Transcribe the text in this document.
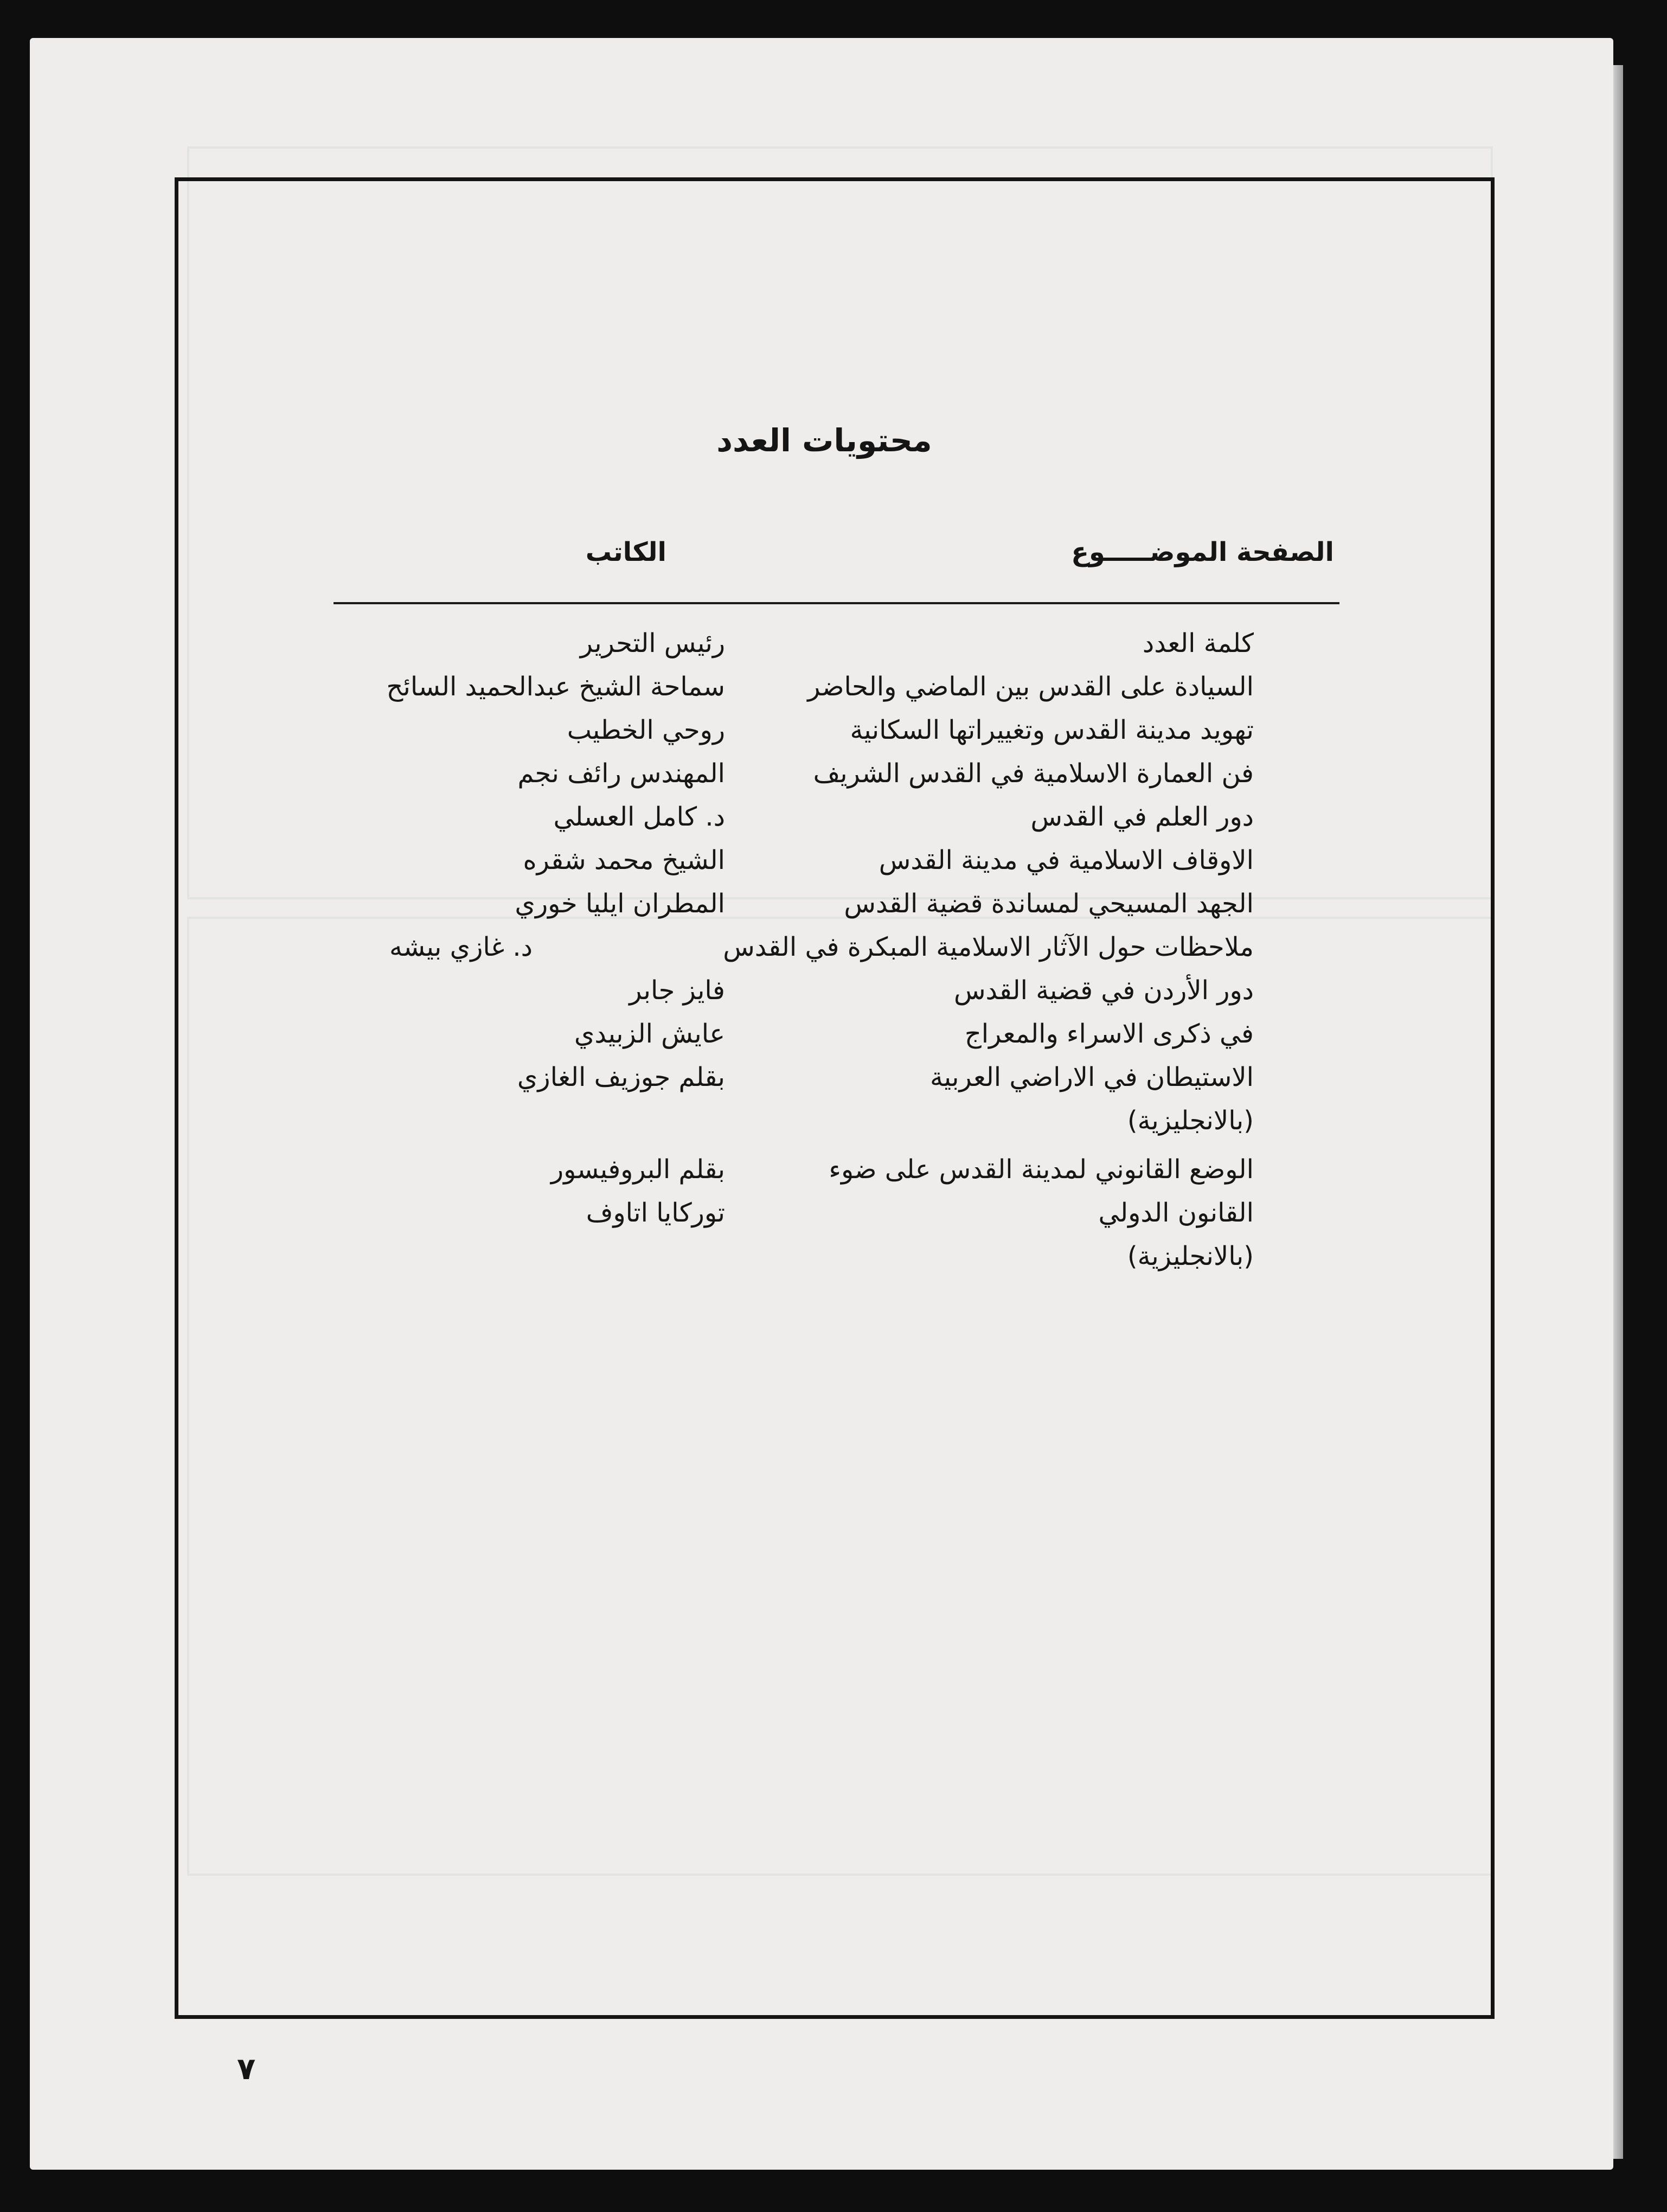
محتويات العدد
الصفحة الموضـــــوع
الكاتب
كلمة العدد
رئيس التحرير
السيادة على القدس بين الماضي والحاضر
سماحة الشيخ عبدالحميد السائح
تهويد مدينة القدس وتغييراتها السكانية
روحي الخطيب
فن العمارة الاسلامية في القدس الشريف
المهندس رائف نجم
دور العلم في القدس
د. كامل العسلي
الاوقاف الاسلامية في مدينة القدس
الشيخ محمد شقره
الجهد المسيحي لمساندة قضية القدس
المطران ايليا خوري
ملاحظات حول الآثار الاسلامية المبكرة في القدس
د. غازي بيشه
دور الأردن في قضية القدس
فايز جابر
في ذكرى الاسراء والمعراج
عايش الزبيدي
الاستيطان في الاراضي العربية
بقلم جوزيف الغازي
(بالانجليزية)
الوضع القانوني لمدينة القدس على ضوء
بقلم البروفيسور
القانون الدولي
توركايا اتاوف
(بالانجليزية)
٧
